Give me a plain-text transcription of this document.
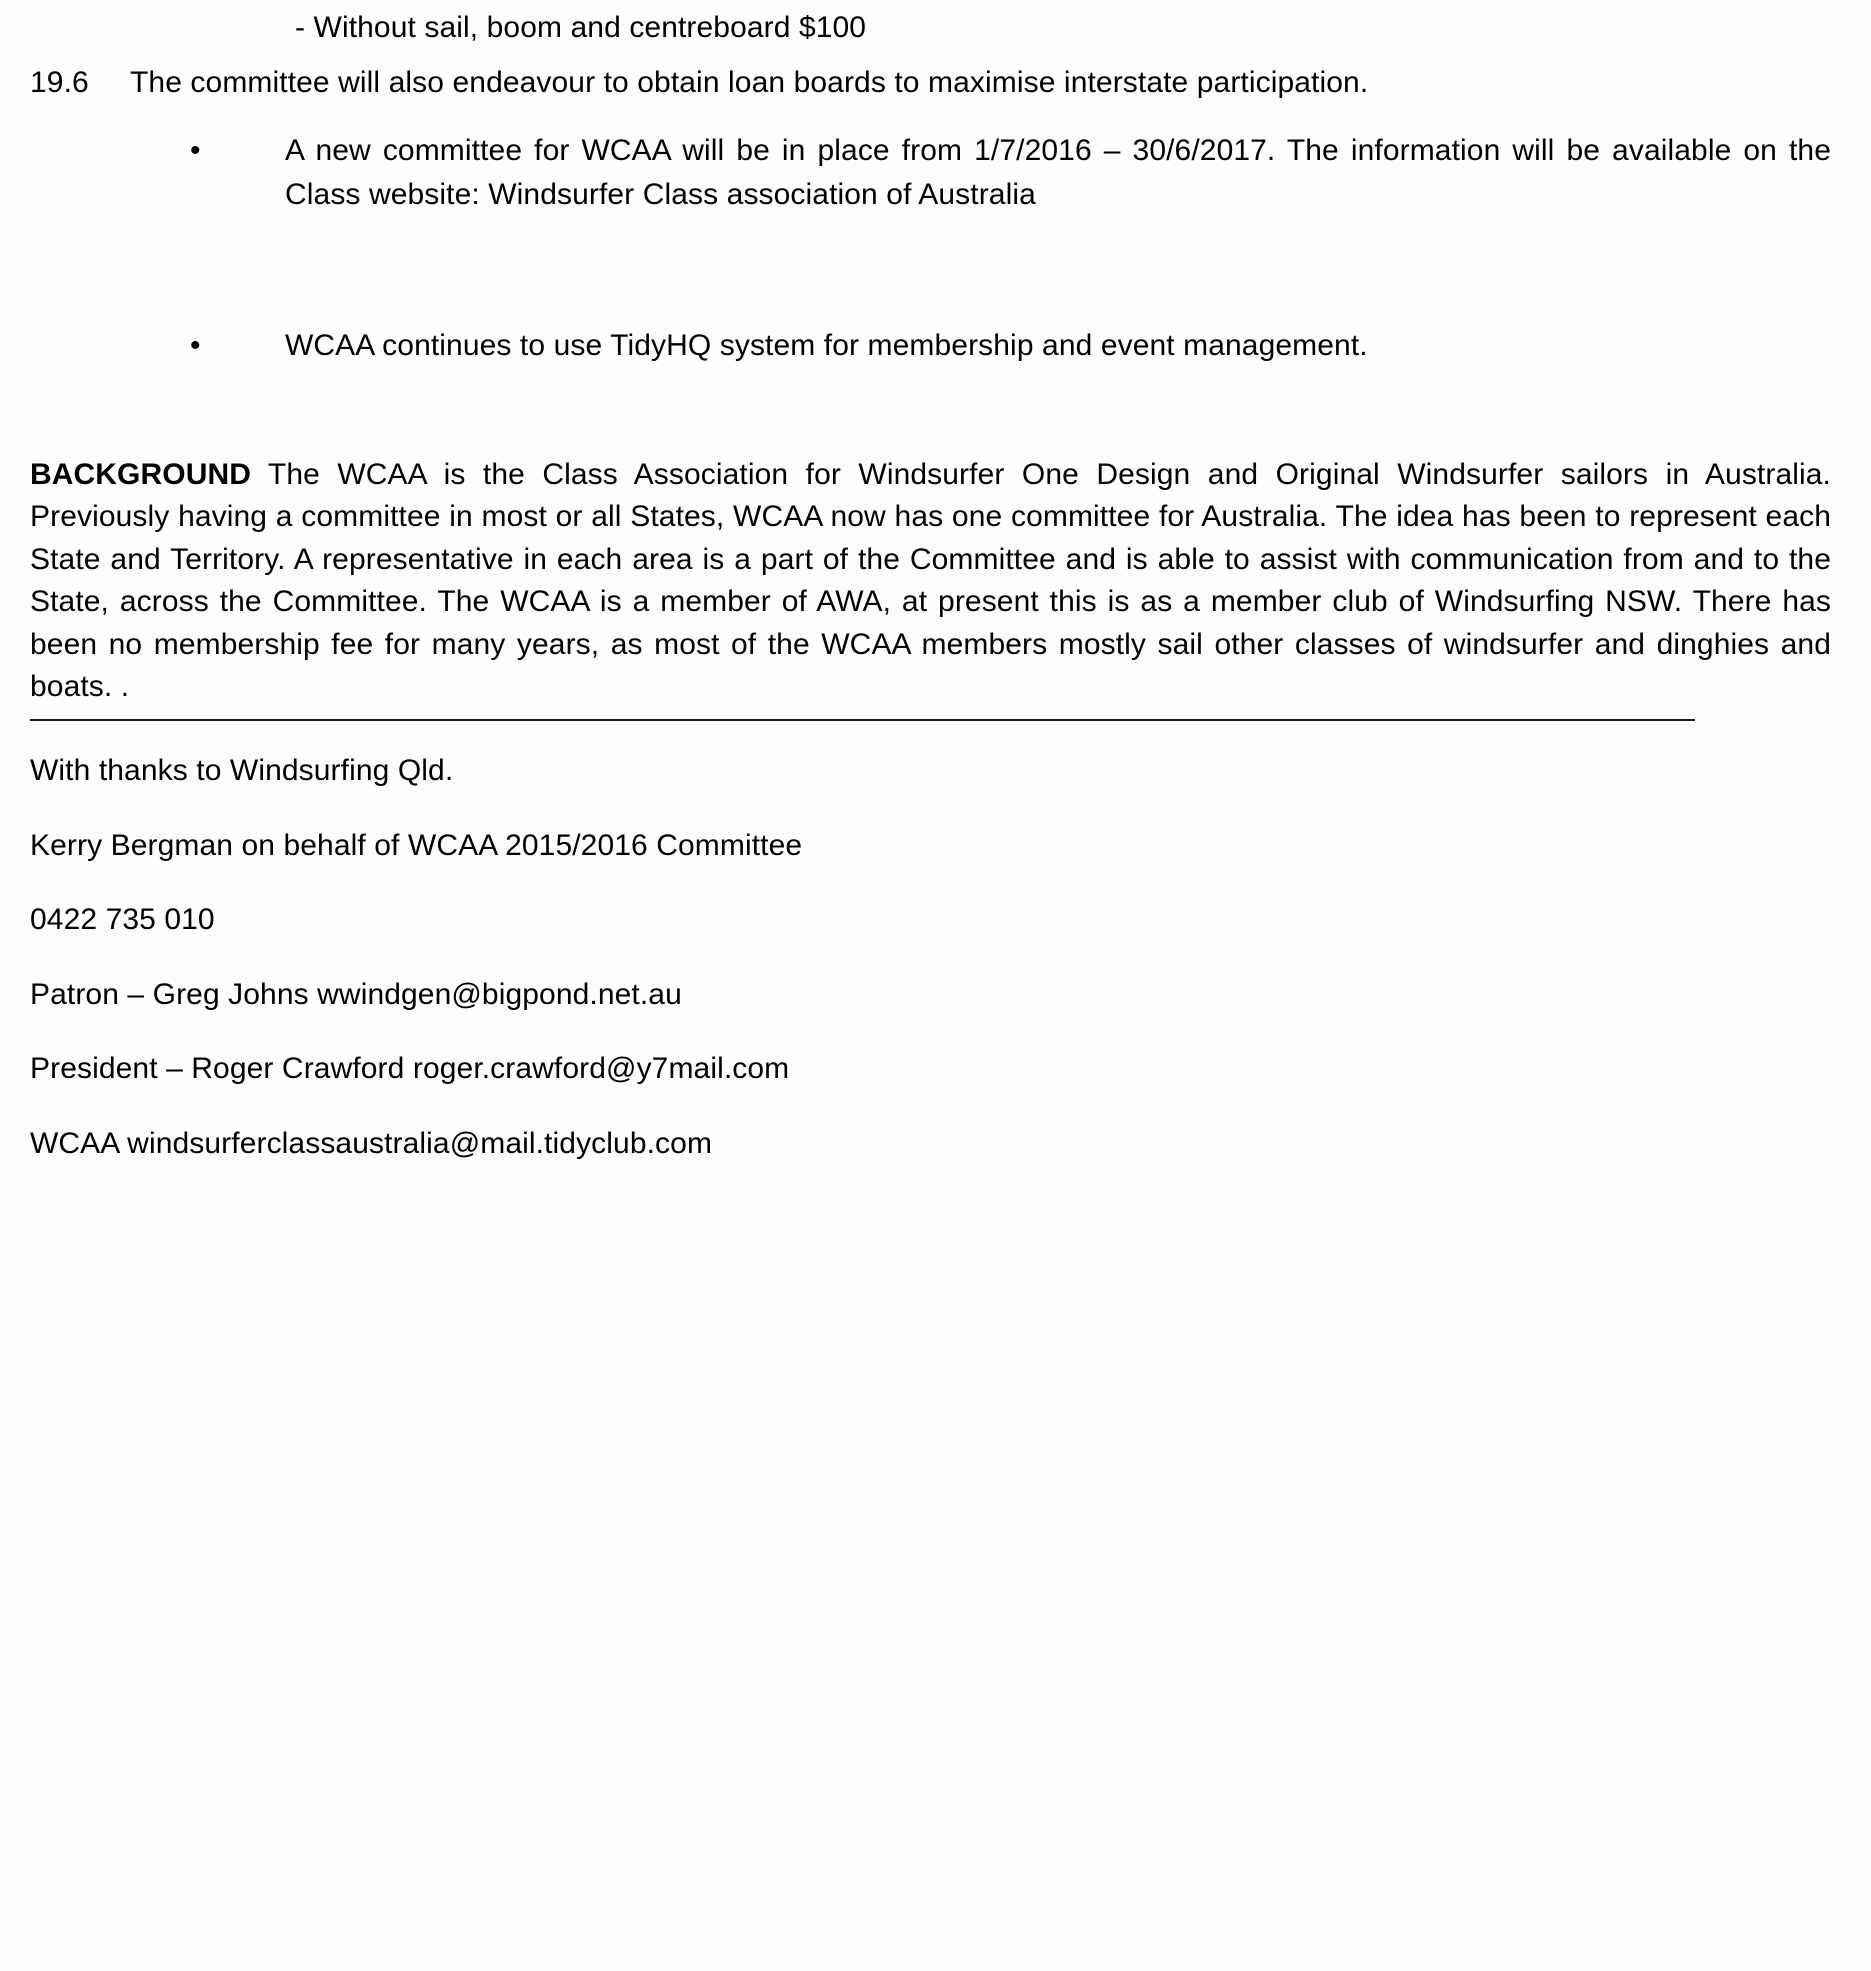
- Without sail, boom and centreboard $100

19.6	The committee will also endeavour to obtain loan boards to maximise interstate participation.
•	A new committee for WCAA will be in place from 1/7/2016 – 30/6/2017. The information will be available on the Class website: Windsurfer Class association of Australia
•	WCAA continues to use TidyHQ system for membership and event management.

BACKGROUND The WCAA is the Class Association for Windsurfer One Design and Original Windsurfer sailors in Australia. Previously having a committee in most or all States, WCAA now has one committee for Australia. The idea has been to represent each State and Territory. A representative in each area is a part of the Committee and is able to assist with communication from and to the State, across the Committee. The WCAA is a member of AWA, at present this is as a member club of Windsurfing NSW. There has been no membership fee for many years, as most of the WCAA members mostly sail other classes of windsurfer and dinghies and boats. .

With thanks to Windsurfing Qld.

Kerry Bergman on behalf of WCAA 2015/2016 Committee

0422 735 010

Patron – Greg Johns wwindgen@bigpond.net.au

President – Roger Crawford roger.crawford@y7mail.com

WCAA windsurferclassaustralia@mail.tidyclub.com
